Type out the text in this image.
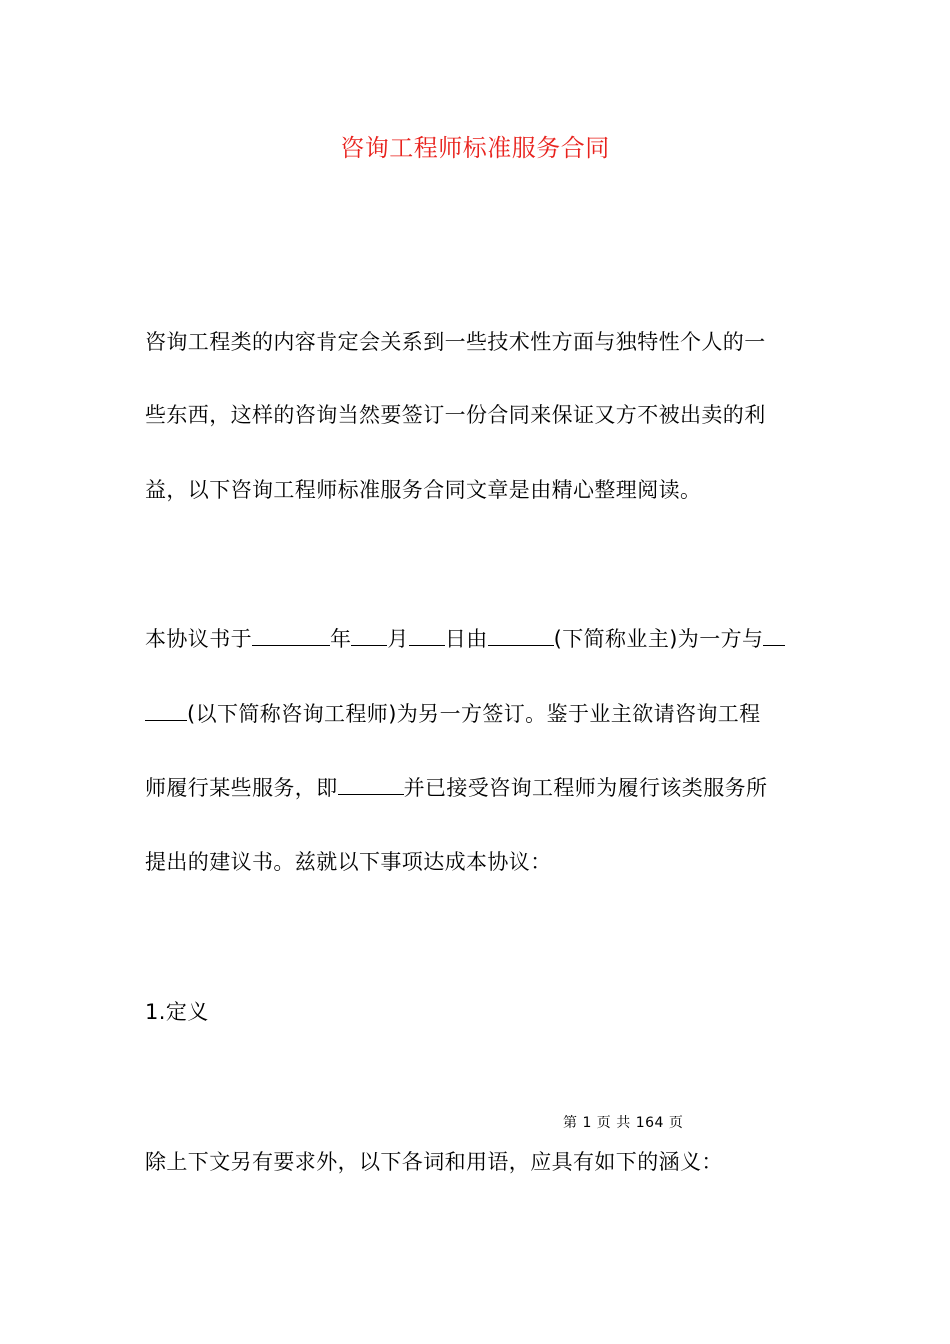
咨询工程师标准服务合同
咨询工程类的内容肯定会关系到一些技术性方面与独特性个人的一
些东西，这样的咨询当然要签订一份合同来保证又方不被出卖的利
益，以下咨询工程师标准服务合同文章是由精心整理阅读。
本协议书于	年 月 日由	(下简称业主)为一方与
(以下简称咨询工程师)为另一方签订。鉴于业主欲请咨询工程
师履行某些服务，即	并已接受咨询工程师为履行该类服务所
提出的建议书。兹就以下事项达成本协议：
1.定义
第 1 页 共 164 页
除上下文另有要求外，以下各词和用语，应具有如下的涵义：
